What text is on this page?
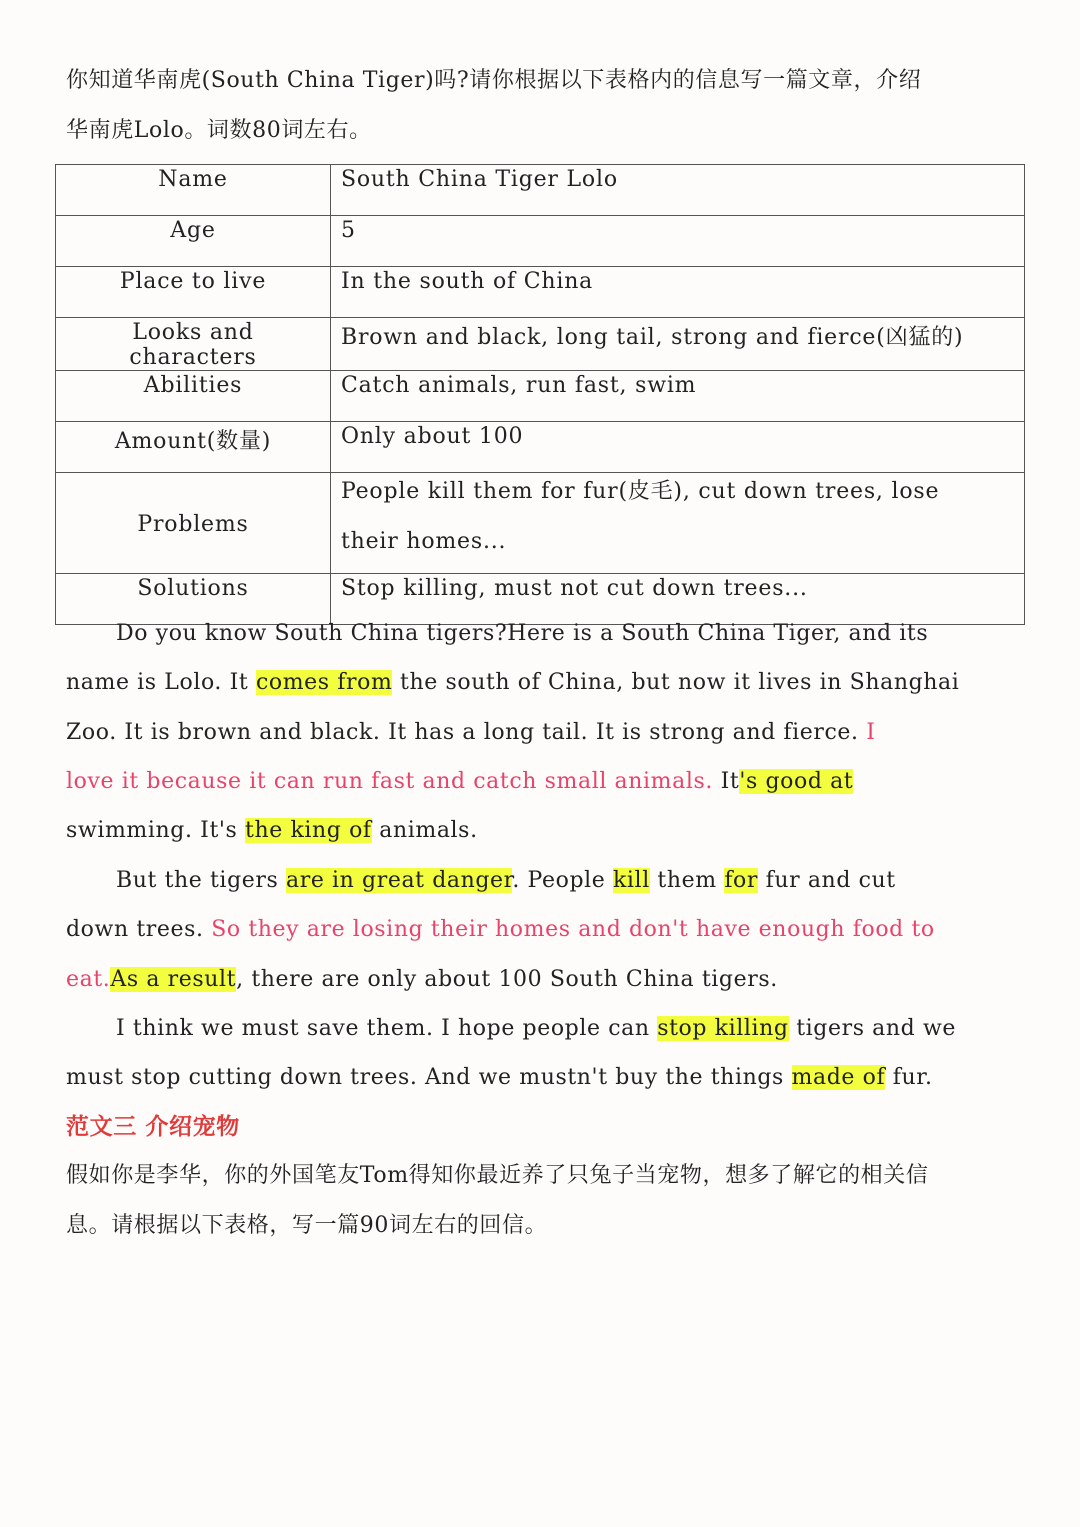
你知道华南虎(South China Tiger)吗?请你根据以下表格内的信息写一篇文章，介绍
华南虎Lolo。词数80词左右。
Name	South China Tiger Lolo
Age	5
Place to live	In the south of China
Looks and characters	Brown and black, long tail, strong and fierce(凶猛的)
Abilities	Catch animals, run fast, swim
Amount(数量)	Only about 100
Problems	People kill them for fur(皮毛), cut down trees, lose
their homes...

Solutions	Stop killing, must not cut down trees...
Do you know South China tigers?Here is a South China Tiger, and its
name is Lolo. It comes from the south of China, but now it lives in Shanghai
Zoo. It is brown and black. It has a long tail. It is strong and fierce. I
love it because it can run fast and catch small animals. It's good at
swimming. It's the king of animals.
But the tigers are in great danger. People kill them for fur and cut
down trees. So they are losing their homes and don't have enough food to
eat.As a result, there are only about 100 South China tigers.
I think we must save them. I hope people can stop killing tigers and we
must stop cutting down trees. And we mustn't buy the things made of fur.
范文三 介绍宠物
假如你是李华，你的外国笔友Tom得知你最近养了只兔子当宠物，想多了解它的相关信
息。请根据以下表格，写一篇90词左右的回信。
